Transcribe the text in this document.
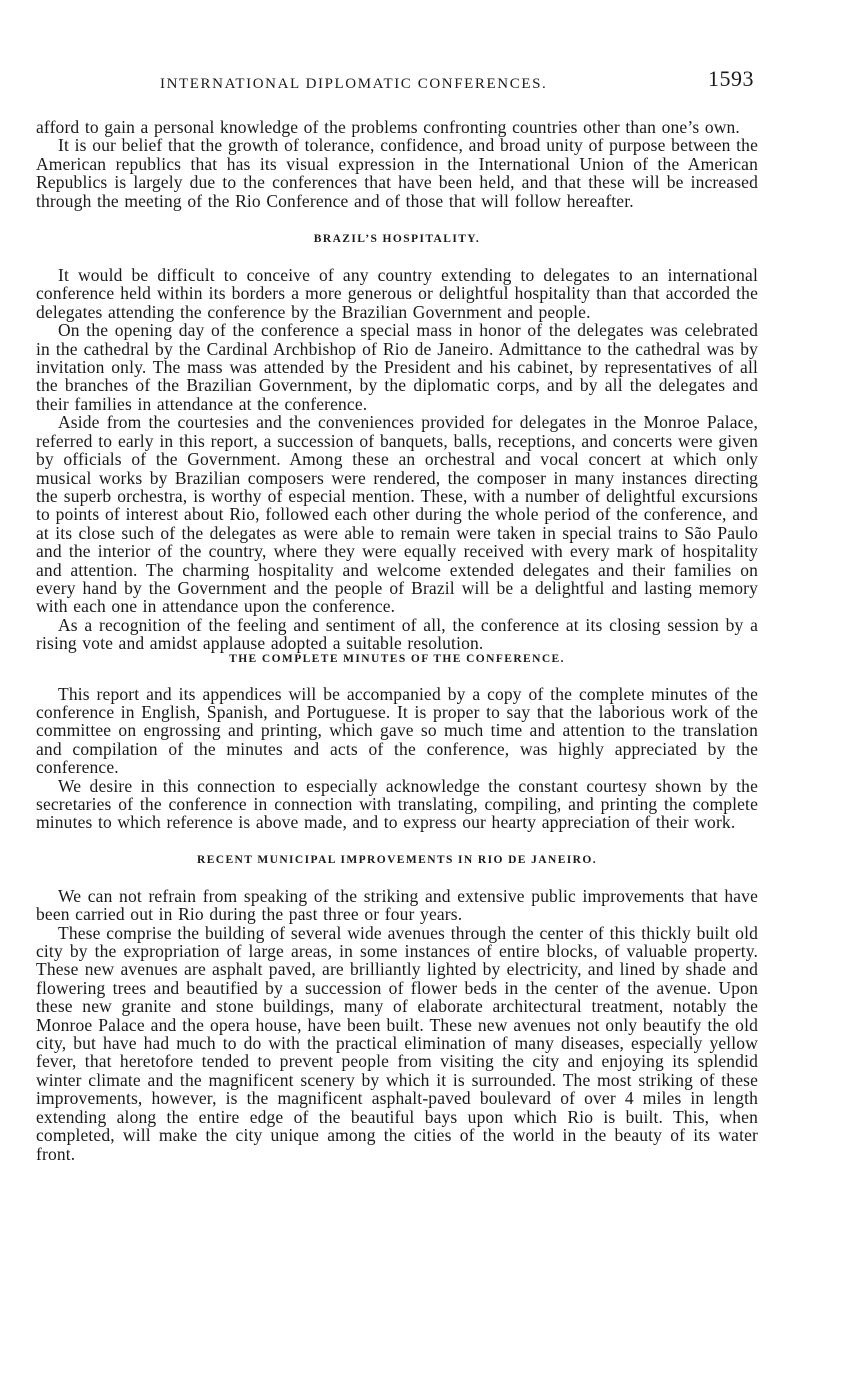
INTERNATIONAL DIPLOMATIC CONFERENCES.	1593

afford to gain a personal knowledge of the problems confronting countries other than one’s own.

It is our belief that the growth of tolerance, confidence, and broad unity of purpose between the American republics that has its visual expression in the International Union of the American Republics is largely due to the conferences that have been held, and that these will be increased through the meeting of the Rio Conference and of those that will follow hereafter.

BRAZIL’S HOSPITALITY.

It would be difficult to conceive of any country extending to delegates to an international conference held within its borders a more generous or delightful hospitality than that accorded the delegates attending the conference by the Brazilian Government and people.

On the opening day of the conference a special mass in honor of the delegates was celebrated in the cathedral by the Cardinal Archbishop of Rio de Janeiro. Admittance to the cathedral was by invitation only. The mass was attended by the President and his cabinet, by representatives of all the branches of the Brazilian Government, by the diplomatic corps, and by all the delegates and their families in attendance at the conference.

Aside from the courtesies and the conveniences provided for delegates in the Monroe Palace, referred to early in this report, a succession of banquets, balls, receptions, and concerts were given by officials of the Government. Among these an orchestral and vocal concert at which only musical works by Brazilian composers were rendered, the composer in many instances directing the superb orchestra, is worthy of especial mention. These, with a number of delightful excursions to points of interest about Rio, followed each other during the whole period of the conference, and at its close such of the delegates as were able to remain were taken in special trains to São Paulo and the interior of the country, where they were equally received with every mark of hospitality and attention. The charming hospitality and welcome extended delegates and their families on every hand by the Government and the people of Brazil will be a delightful and lasting memory with each one in attendance upon the conference.

As a recognition of the feeling and sentiment of all, the conference at its closing session by a rising vote and amidst applause adopted a suitable resolution.

THE COMPLETE MINUTES OF THE CONFERENCE.

This report and its appendices will be accompanied by a copy of the complete minutes of the conference in English, Spanish, and Portuguese. It is proper to say that the laborious work of the committee on engrossing and printing, which gave so much time and attention to the translation and compilation of the minutes and acts of the conference, was highly appreciated by the conference.

We desire in this connection to especially acknowledge the constant courtesy shown by the secretaries of the conference in connection with translating, compiling, and printing the complete minutes to which reference is above made, and to express our hearty appreciation of their work.

RECENT MUNICIPAL IMPROVEMENTS IN RIO DE JANEIRO.

We can not refrain from speaking of the striking and extensive public improvements that have been carried out in Rio during the past three or four years.

These comprise the building of several wide avenues through the center of this thickly built old city by the expropriation of large areas, in some instances of entire blocks, of valuable property. These new avenues are asphalt paved, are brilliantly lighted by electricity, and lined by shade and flowering trees and beautified by a succession of flower beds in the center of the avenue. Upon these new granite and stone buildings, many of elaborate architectural treatment, notably the Monroe Palace and the opera house, have been built. These new avenues not only beautify the old city, but have had much to do with the practical elimination of many diseases, especially yellow fever, that heretofore tended to prevent people from visiting the city and enjoying its splendid winter climate and the magnificent scenery by which it is surrounded. The most striking of these improvements, however, is the magnificent asphalt-paved boulevard of over 4 miles in length extending along the entire edge of the beautiful bays upon which Rio is built. This, when completed, will make the city unique among the cities of the world in the beauty of its water front.
